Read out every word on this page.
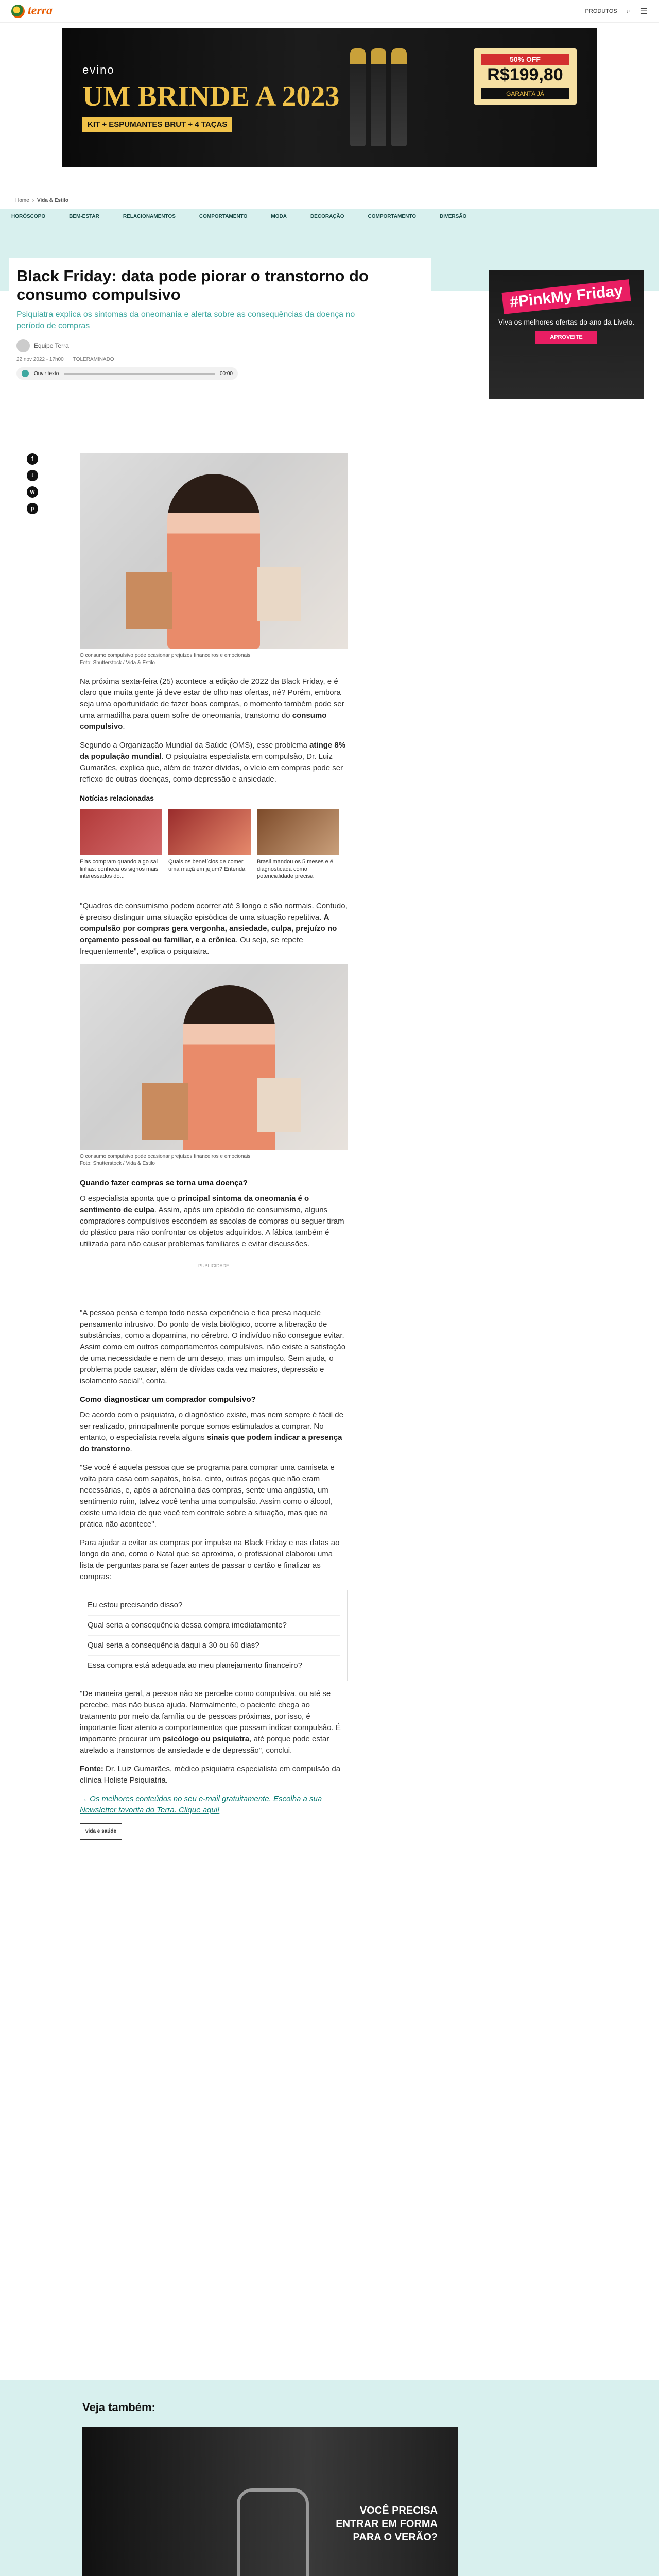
terra	PRODUTOS ⌕ ☰
evino
UM BRINDE A 2023
KIT + ESPUMANTES BRUT + 4 TAÇAS
50% OFF
R$199,80
GARANTA JÁ
Home › Vida & Estilo
HORÓSCOPO	BEM-ESTAR	RELACIONAMENTOS	COMPORTAMENTO	MODA	DECORAÇÃO	COMPORTAMENTO	DIVERSÃO
Black Friday: data pode piorar o transtorno do consumo compulsivo
Psiquiatra explica os sintomas da oneomania e alerta sobre as consequências da doença no período de compras
Equipe Terra
22 nov 2022 - 17h00 TOLERAMINADO
Ouvir texto	00:00
#PinkMy Friday
Viva os melhores ofertas do ano da Livelo.
APROVEITE
f
t
w
p
O consumo compulsivo pode ocasionar prejuízos financeiros e emocionais
Foto: Shutterstock / Vida & Estilo

Na próxima sexta-feira (25) acontece a edição de 2022 da Black Friday, e é claro que muita gente já deve estar de olho nas ofertas, né? Porém, embora seja uma oportunidade de fazer boas compras, o momento também pode ser uma armadilha para quem sofre de oneomania, transtorno do consumo compulsivo.

Segundo a Organização Mundial da Saúde (OMS), esse problema atinge 8% da população mundial. O psiquiatra especialista em compulsão, Dr. Luiz Gumarães, explica que, além de trazer dívidas, o vício em compras pode ser reflexo de outras doenças, como depressão e ansiedade.

Notícias relacionadas
Elas compram quando algo sai linhas: conheça os signos mais interessados do...
Quais os benefícios de comer uma maçã em jejum? Entenda
Brasil mandou os 5 meses e é diagnosticada como potencialidade precisa

"Quadros de consumismo podem ocorrer até 3 longo e são normais. Contudo, é preciso distinguir uma situação episódica de uma situação repetitiva. A compulsão por compras gera vergonha, ansiedade, culpa, prejuízo no orçamento pessoal ou familiar, e a crônica. Ou seja, se repete frequentemente", explica o psiquiatra.

O consumo compulsivo pode ocasionar prejuízos financeiros e emocionais
Foto: Shutterstock / Vida & Estilo
Quando fazer compras se torna uma doença?

O especialista aponta que o principal sintoma da oneomania é o sentimento de culpa. Assim, após um episódio de consumismo, alguns compradores compulsivos escondem as sacolas de compras ou seguer tiram do plástico para não confrontar os objetos adquiridos. A fábica também é utilizada para não causar problemas familiares e evitar discussões.

PUBLICIDADE

"A pessoa pensa e tempo todo nessa experiência e fica presa naquele pensamento intrusivo. Do ponto de vista biológico, ocorre a liberação de substâncias, como a dopamina, no cérebro. O indivíduo não consegue evitar. Assim como em outros comportamentos compulsivos, não existe a satisfação de uma necessidade e nem de um desejo, mas um impulso. Sem ajuda, o problema pode causar, além de dívidas cada vez maiores, depressão e isolamento social", conta.

Como diagnosticar um comprador compulsivo?

De acordo com o psiquiatra, o diagnóstico existe, mas nem sempre é fácil de ser realizado, principalmente porque somos estimulados a comprar. No entanto, o especialista revela alguns sinais que podem indicar a presença do transtorno.

"Se você é aquela pessoa que se programa para comprar uma camiseta e volta para casa com sapatos, bolsa, cinto, outras peças que não eram necessárias, e, após a adrenalina das compras, sente uma angústia, um sentimento ruim, talvez você tenha uma compulsão. Assim como o álcool, existe uma ideia de que você tem controle sobre a situação, mas que na prática não acontece".

Para ajudar a evitar as compras por impulso na Black Friday e nas datas ao longo do ano, como o Natal que se aproxima, o profissional elaborou uma lista de perguntas para se fazer antes de passar o cartão e finalizar as compras:

Eu estou precisando disso?
Qual seria a consequência dessa compra imediatamente?
Qual seria a consequência daqui a 30 ou 60 dias?
Essa compra está adequada ao meu planejamento financeiro?

"De maneira geral, a pessoa não se percebe como compulsiva, ou até se percebe, mas não busca ajuda. Normalmente, o paciente chega ao tratamento por meio da família ou de pessoas próximas, por isso, é importante ficar atento a comportamentos que possam indicar compulsão. É importante procurar um psicólogo ou psiquiatra, até porque pode estar atrelado a transtornos de ansiedade e de depressão", conclui.

Fonte: Dr. Luiz Gumarães, médico psiquiatra especialista em compulsão da clínica Holiste Psiquiatria.

→ Os melhores conteúdos no seu e-mail gratuitamente. Escolha a sua Newsletter favorita do Terra. Clique aqui!

vida e saúde
Veja também:
VOCÊ PRECISA ENTRAR EM FORMA PARA O VERÃO?
